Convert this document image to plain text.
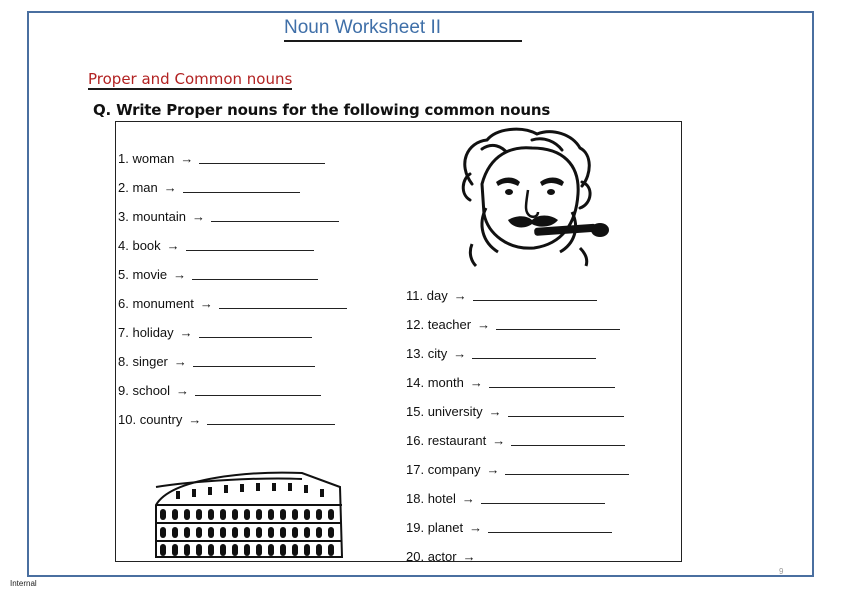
Noun Worksheet II
Proper and Common nouns
Q. Write Proper nouns for the following common nouns
1.
woman →
2.
man →
3.
mountain →
4.
book →
5.
movie →
6.
monument →
7.
holiday →
8.
singer →
9.
school →
10.
country →
11.
day →
12.
teacher →
13.
city →
14.
month →
15.
university →
16.
restaurant →
17.
company →
18.
hotel →
19.
planet →
20.
actor →
Internal
9
